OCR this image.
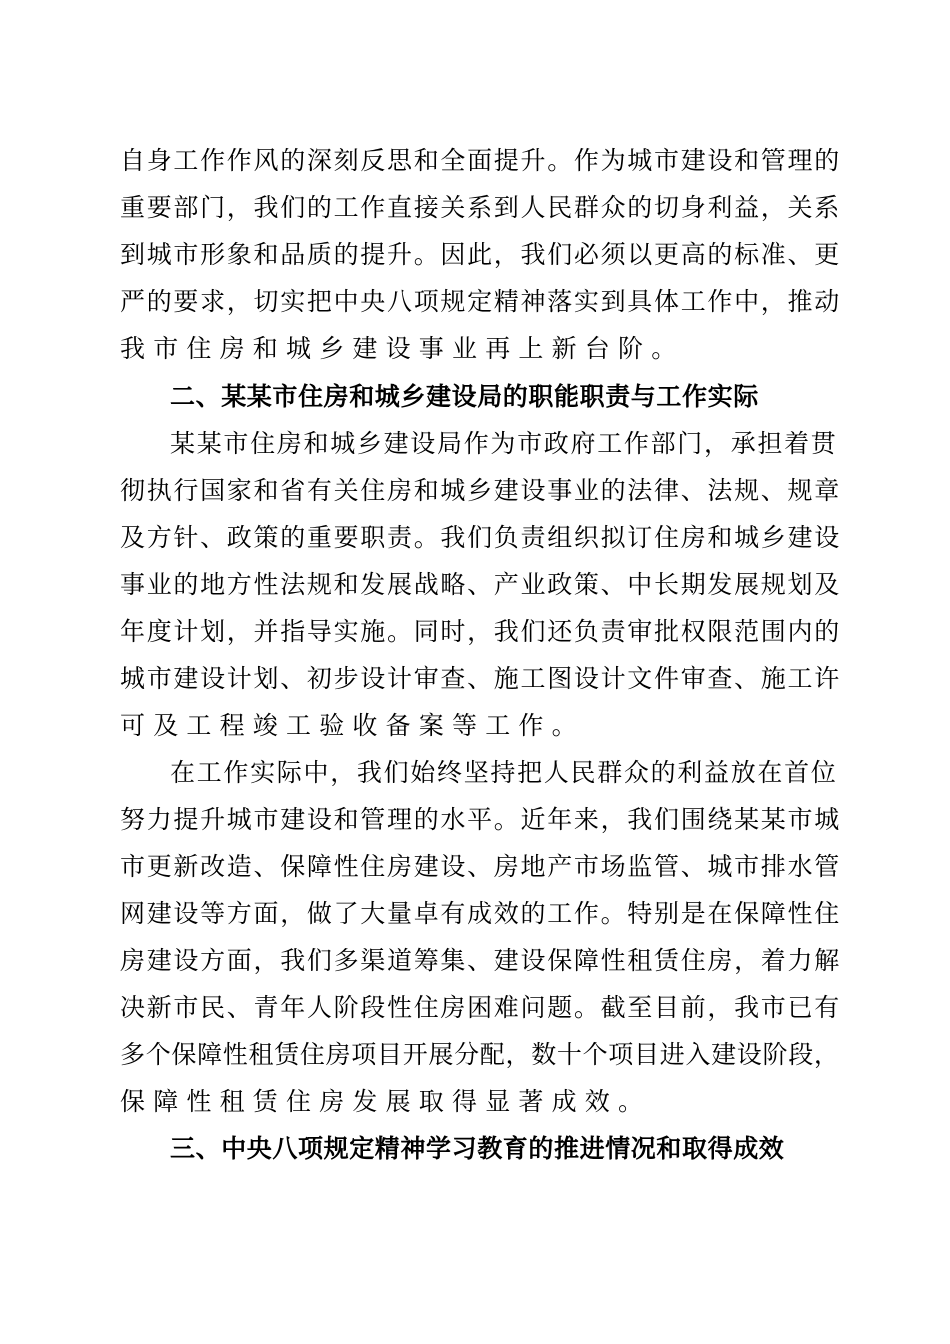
自身工作作风的深刻反思和全面提升。作为城市建设和管理的
重要部门，我们的工作直接关系到人民群众的切身利益，关系
到城市形象和品质的提升。因此，我们必须以更高的标准、更
严的要求，切实把中央八项规定精神落实到具体工作中，推动
我市住房和城乡建设事业再上新台阶。
二、某某市住房和城乡建设局的职能职责与工作实际
某某市住房和城乡建设局作为市政府工作部门，承担着贯
彻执行国家和省有关住房和城乡建设事业的法律、法规、规章
及方针、政策的重要职责。我们负责组织拟订住房和城乡建设
事业的地方性法规和发展战略、产业政策、中长期发展规划及
年度计划，并指导实施。同时，我们还负责审批权限范围内的
城市建设计划、初步设计审查、施工图设计文件审查、施工许
可及工程竣工验收备案等工作。
在工作实际中，我们始终坚持把人民群众的利益放在首位
努力提升城市建设和管理的水平。近年来，我们围绕某某市城
市更新改造、保障性住房建设、房地产市场监管、城市排水管
网建设等方面，做了大量卓有成效的工作。特别是在保障性住
房建设方面，我们多渠道筹集、建设保障性租赁住房，着力解
决新市民、青年人阶段性住房困难问题。截至目前，我市已有
多个保障性租赁住房项目开展分配，数十个项目进入建设阶段，
保障性租赁住房发展取得显著成效。
三、中央八项规定精神学习教育的推进情况和取得成效
